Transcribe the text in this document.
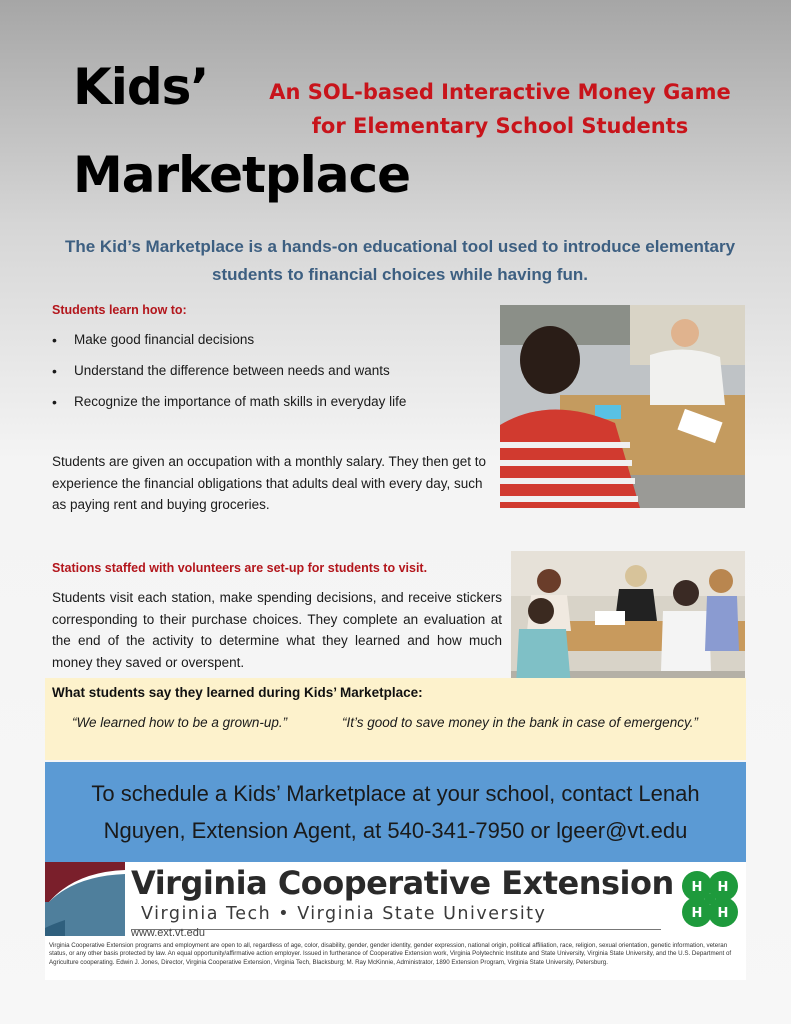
Kids’
Marketplace
An SOL-based Interactive Money Game
for Elementary School Students
The Kid’s Marketplace is a hands-on educational tool used to introduce elementary students to financial choices while having fun.
Students learn how to:
• Make good financial decisions
• Understand the difference between needs and wants
• Recognize the importance of math skills in everyday life
Students are given an occupation with a monthly salary. They then get to experience the financial obligations that adults deal with every day, such as paying rent and buying groceries.
Stations staffed with volunteers are set-up for students to visit.
Students visit each station, make spending decisions, and receive stickers corresponding to their purchase choices. They complete an evaluation at the end of the activity to determine what they learned and how much money they saved or overspent.
What students say they learned during Kids’ Marketplace:
“We learned how to be a grown-up.”	“It’s good to save money in the bank in case of emergency.”
To schedule a Kids’ Marketplace at your school, contact Lenah Nguyen, Extension Agent, at 540-341-7950 or lgeer@vt.edu
Virginia Cooperative Extension
Virginia Tech • Virginia State University
www.ext.vt.edu
H H
H H
Virginia Cooperative Extension programs and employment are open to all, regardless of age, color, disability, gender, gender identity, gender expression, national origin, political affiliation, race, religion, sexual orientation, genetic information, veteran status, or any other basis protected by law. An equal opportunity/affirmative action employer. Issued in furtherance of Cooperative Extension work, Virginia Polytechnic Institute and State University, Virginia State University, and the U.S. Department of Agriculture cooperating. Edwin J. Jones, Director, Virginia Cooperative Extension, Virginia Tech, Blacksburg; M. Ray McKinnie, Administrator, 1890 Extension Program, Virginia State University, Petersburg.
